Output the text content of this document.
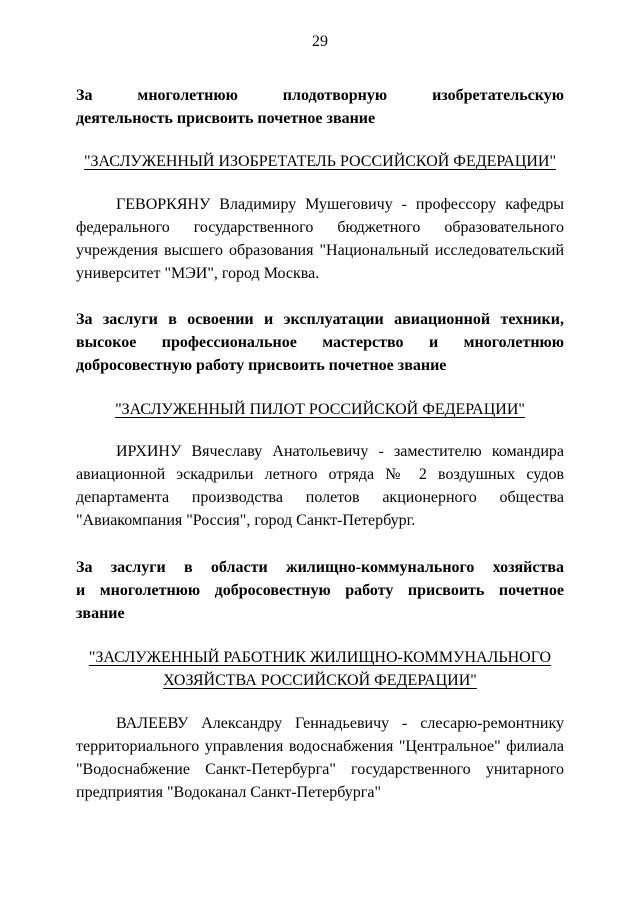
29
За многолетнюю плодотворную изобретательскую
деятельность присвоить почетное звание
"ЗАСЛУЖЕННЫЙ ИЗОБРЕТАТЕЛЬ РОССИЙСКОЙ ФЕДЕРАЦИИ"
ГЕВОРКЯНУ Владимиру Мушеговичу - профессору кафедры
федерального государственного бюджетного образовательного
учреждения высшего образования "Национальный исследовательский
университет "МЭИ", город Москва.
За заслуги в освоении и эксплуатации авиационной техники,
высокое профессиональное мастерство и многолетнюю
добросовестную работу присвоить почетное звание
"ЗАСЛУЖЕННЫЙ ПИЛОТ РОССИЙСКОЙ ФЕДЕРАЦИИ"
ИРХИНУ Вячеславу Анатольевичу - заместителю командира
авиационной эскадрильи летного отряда № 2 воздушных судов
департамента производства полетов акционерного общества
"Авиакомпания "Россия", город Санкт-Петербург.
За заслуги в области жилищно-коммунального хозяйства
и многолетнюю добросовестную работу присвоить почетное
звание
"ЗАСЛУЖЕННЫЙ РАБОТНИК ЖИЛИЩНО-КОММУНАЛЬНОГО
ХОЗЯЙСТВА РОССИЙСКОЙ ФЕДЕРАЦИИ"
ВАЛЕЕВУ Александру Геннадьевичу - слесарю-ремонтнику
территориального управления водоснабжения "Центральное" филиала
"Водоснабжение Санкт-Петербурга" государственного унитарного
предприятия "Водоканал Санкт-Петербурга"
